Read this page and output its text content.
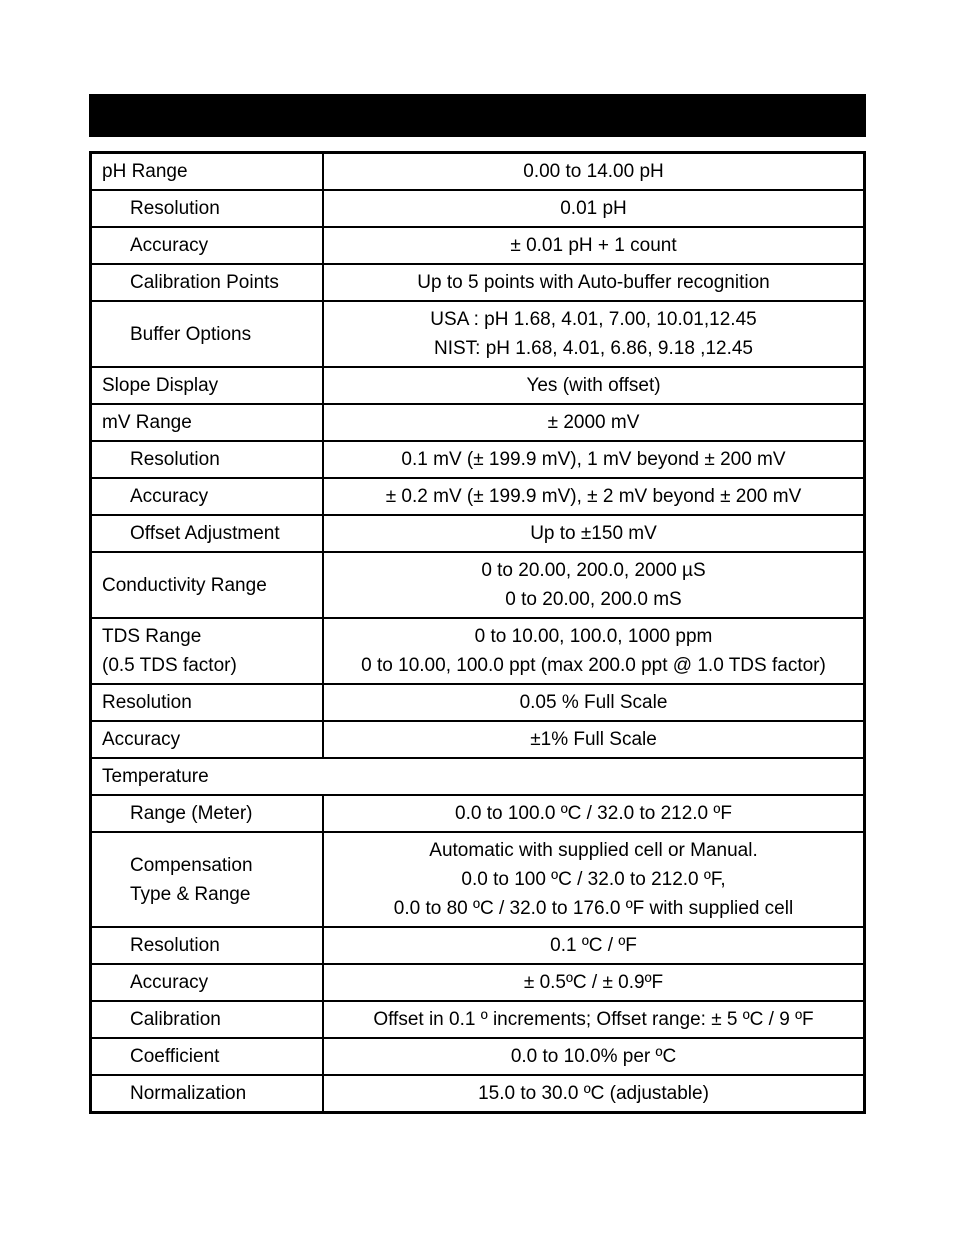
pH Range	0.00 to 14.00 pH
Resolution	0.01 pH
Accuracy	± 0.01 pH + 1 count
Calibration Points	Up to 5 points with Auto-buffer recognition
Buffer Options	USA : pH 1.68, 4.01, 7.00, 10.01,12.45
NIST: pH 1.68, 4.01, 6.86, 9.18 ,12.45

Slope Display	Yes (with offset)
mV Range	± 2000 mV
Resolution	0.1 mV (± 199.9 mV), 1 mV beyond ± 200 mV
Accuracy	± 0.2 mV (± 199.9 mV), ± 2 mV beyond ± 200 mV
Offset Adjustment	Up to ±150 mV
Conductivity Range	0 to 20.00, 200.0, 2000 µS
0 to 20.00, 200.0 mS

TDS Range
(0.5 TDS factor)	0 to 10.00, 100.0, 1000 ppm
0 to 10.00, 100.0 ppt (max 200.0 ppt @ 1.0 TDS factor)

Resolution	0.05 % Full Scale
Accuracy	±1% Full Scale
Temperature	
Range (Meter)	0.0 to 100.0 ºC / 32.0 to 212.0 ºF

Compensation
Type & Range	Automatic with supplied cell or Manual.
0.0 to 100 ºC / 32.0 to 212.0 ºF,
0.0 to 80 ºC / 32.0 to 176.0 ºF with supplied cell

Resolution	0.1 ºC / ºF
Accuracy	± 0.5ºC / ± 0.9ºF
Calibration	Offset in 0.1 º increments; Offset range: ± 5 ºC / 9 ºF
Coefficient	0.0 to 10.0% per ºC
Normalization	15.0 to 30.0 ºC (adjustable)
